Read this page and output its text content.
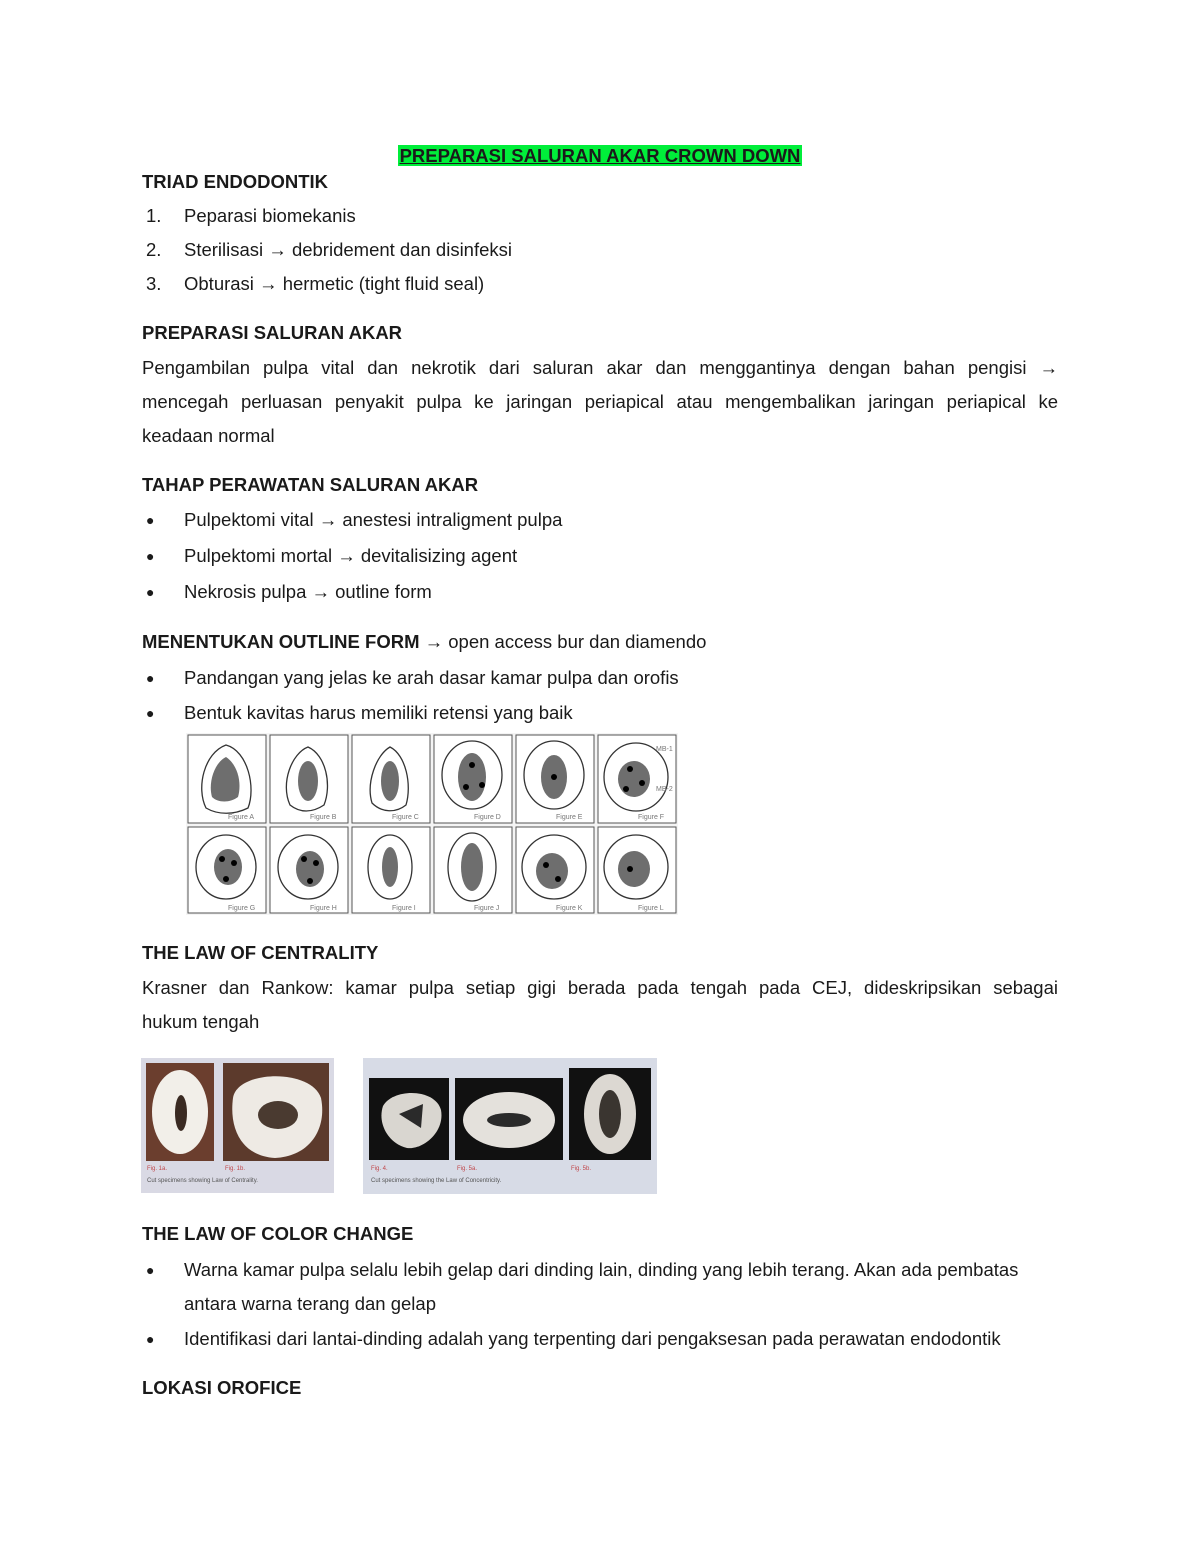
PREPARASI SALURAN AKAR CROWN DOWN
TRIAD ENDODONTIK
1. Peparasi biomekanis
2. Sterilisasi → debridement dan disinfeksi
3. Obturasi → hermetic (tight fluid seal)
PREPARASI SALURAN AKAR
Pengambilan pulpa vital dan nekrotik dari saluran akar dan menggantinya dengan bahan pengisi →
mencegah perluasan penyakit pulpa ke jaringan periapical atau mengembalikan jaringan periapical ke
keadaan normal
TAHAP PERAWATAN SALURAN AKAR
● Pulpektomi vital → anestesi intraligment pulpa
● Pulpektomi mortal → devitalisizing agent
● Nekrosis pulpa → outline form
MENENTUKAN OUTLINE FORM → open access bur dan diamendo
● Pandangan yang jelas ke arah dasar kamar pulpa dan orofis
● Bentuk kavitas harus memiliki retensi yang baik
Figure A	Figure B	Figure C	Figure D	Figure E	Figure F
Figure G	Figure H	Figure I	Figure J	Figure K	Figure L
MB-1
MB-2
THE LAW OF CENTRALITY
Krasner dan Rankow: kamar pulpa setiap gigi berada pada tengah pada CEJ, dideskripsikan sebagai
hukum tengah
Fig. 1a.	Fig. 1b.
Cut specimens showing Law of Centrality.
Fig. 4.	Fig. 5a.	Fig. 5b.
Cut specimens showing the Law of Concentricity.
THE LAW OF COLOR CHANGE
● Warna kamar pulpa selalu lebih gelap dari dinding lain, dinding yang lebih terang. Akan ada pembatas
antara warna terang dan gelap
● Identifikasi dari lantai-dinding adalah yang terpenting dari pengaksesan pada perawatan endodontik
LOKASI OROFICE
